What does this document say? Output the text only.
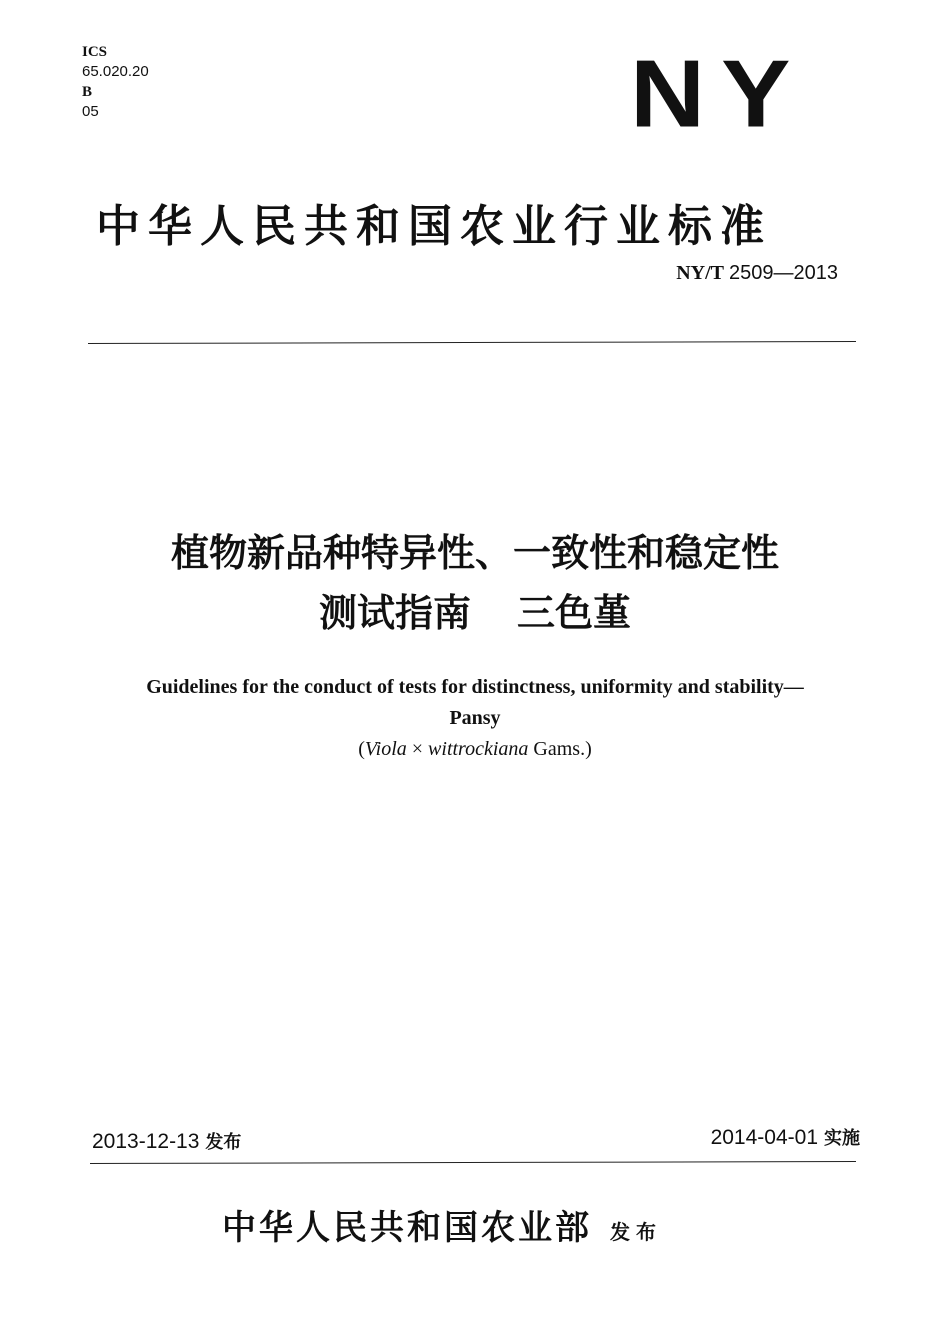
ICS
65.020.20
B
05	NY
中华人民共和国农业行业标准
NY/T 2509—2013
植物新品种特异性、一致性和稳定性
测试指南 三色堇
Guidelines for the conduct of tests for distinctness, uniformity and stability—
Pansy
(Viola × wittrockiana Gams.)
2013-12-13 发布	2014-04-01 实施
中华人民共和国农业部 发布
